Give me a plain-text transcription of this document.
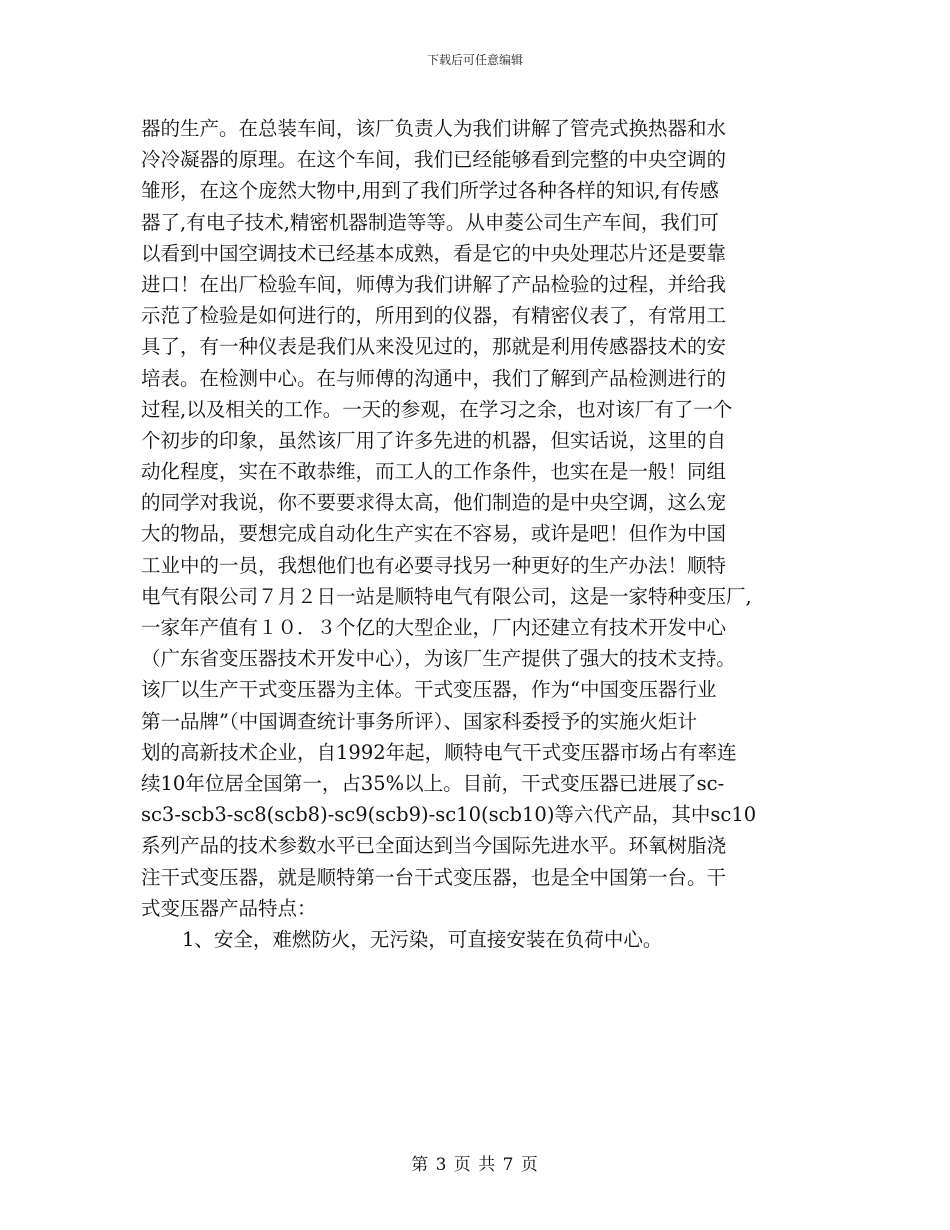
下载后可任意编辑
器的生产。在总装车间，该厂负责人为我们讲解了管壳式换热器和水
冷冷凝器的原理。在这个车间，我们已经能够看到完整的中央空调的
雏形，在这个庞然大物中,用到了我们所学过各种各样的知识,有传感
器了,有电子技术,精密机器制造等等。从申菱公司生产车间，我们可
以看到中国空调技术已经基本成熟，看是它的中央处理芯片还是要靠
进口！在出厂检验车间，师傅为我们讲解了产品检验的过程，并给我
示范了检验是如何进行的，所用到的仪器，有精密仪表了，有常用工
具了，有一种仪表是我们从来没见过的，那就是利用传感器技术的安
培表。在检测中心。在与师傅的沟通中，我们了解到产品检测进行的
过程,以及相关的工作。一天的参观，在学习之余，也对该厂有了一个
个初步的印象，虽然该厂用了许多先进的机器，但实话说，这里的自
动化程度，实在不敢恭维，而工人的工作条件，也实在是一般！同组
的同学对我说，你不要要求得太高，他们制造的是中央空调，这么宠
大的物品，要想完成自动化生产实在不容易，或许是吧！但作为中国
工业中的一员，我想他们也有必要寻找另一种更好的生产办法！顺特
电气有限公司７月２日一站是顺特电气有限公司，这是一家特种变压厂,
一家年产值有１０．３个亿的大型企业，厂内还建立有技术开发中心
（广东省变压器技术开发中心），为该厂生产提供了强大的技术支持。
该厂以生产干式变压器为主体。干式变压器，作为“中国变压器行业
第一品牌”（中国调查统计事务所评）、国家科委授予的实施火炬计
划的高新技术企业，自1992年起，顺特电气干式变压器市场占有率连
续10年位居全国第一，占35%以上。目前，干式变压器已进展了sc-
sc3-scb3-sc8(scb8)-sc9(scb9)-sc10(scb10)等六代产品，其中sc10
系列产品的技术参数水平已全面达到当今国际先进水平。环氧树脂浇
注干式变压器，就是顺特第一台干式变压器，也是全中国第一台。干
式变压器产品特点：
1、安全，难燃防火，无污染，可直接安装在负荷中心。
第 3 页 共 7 页
